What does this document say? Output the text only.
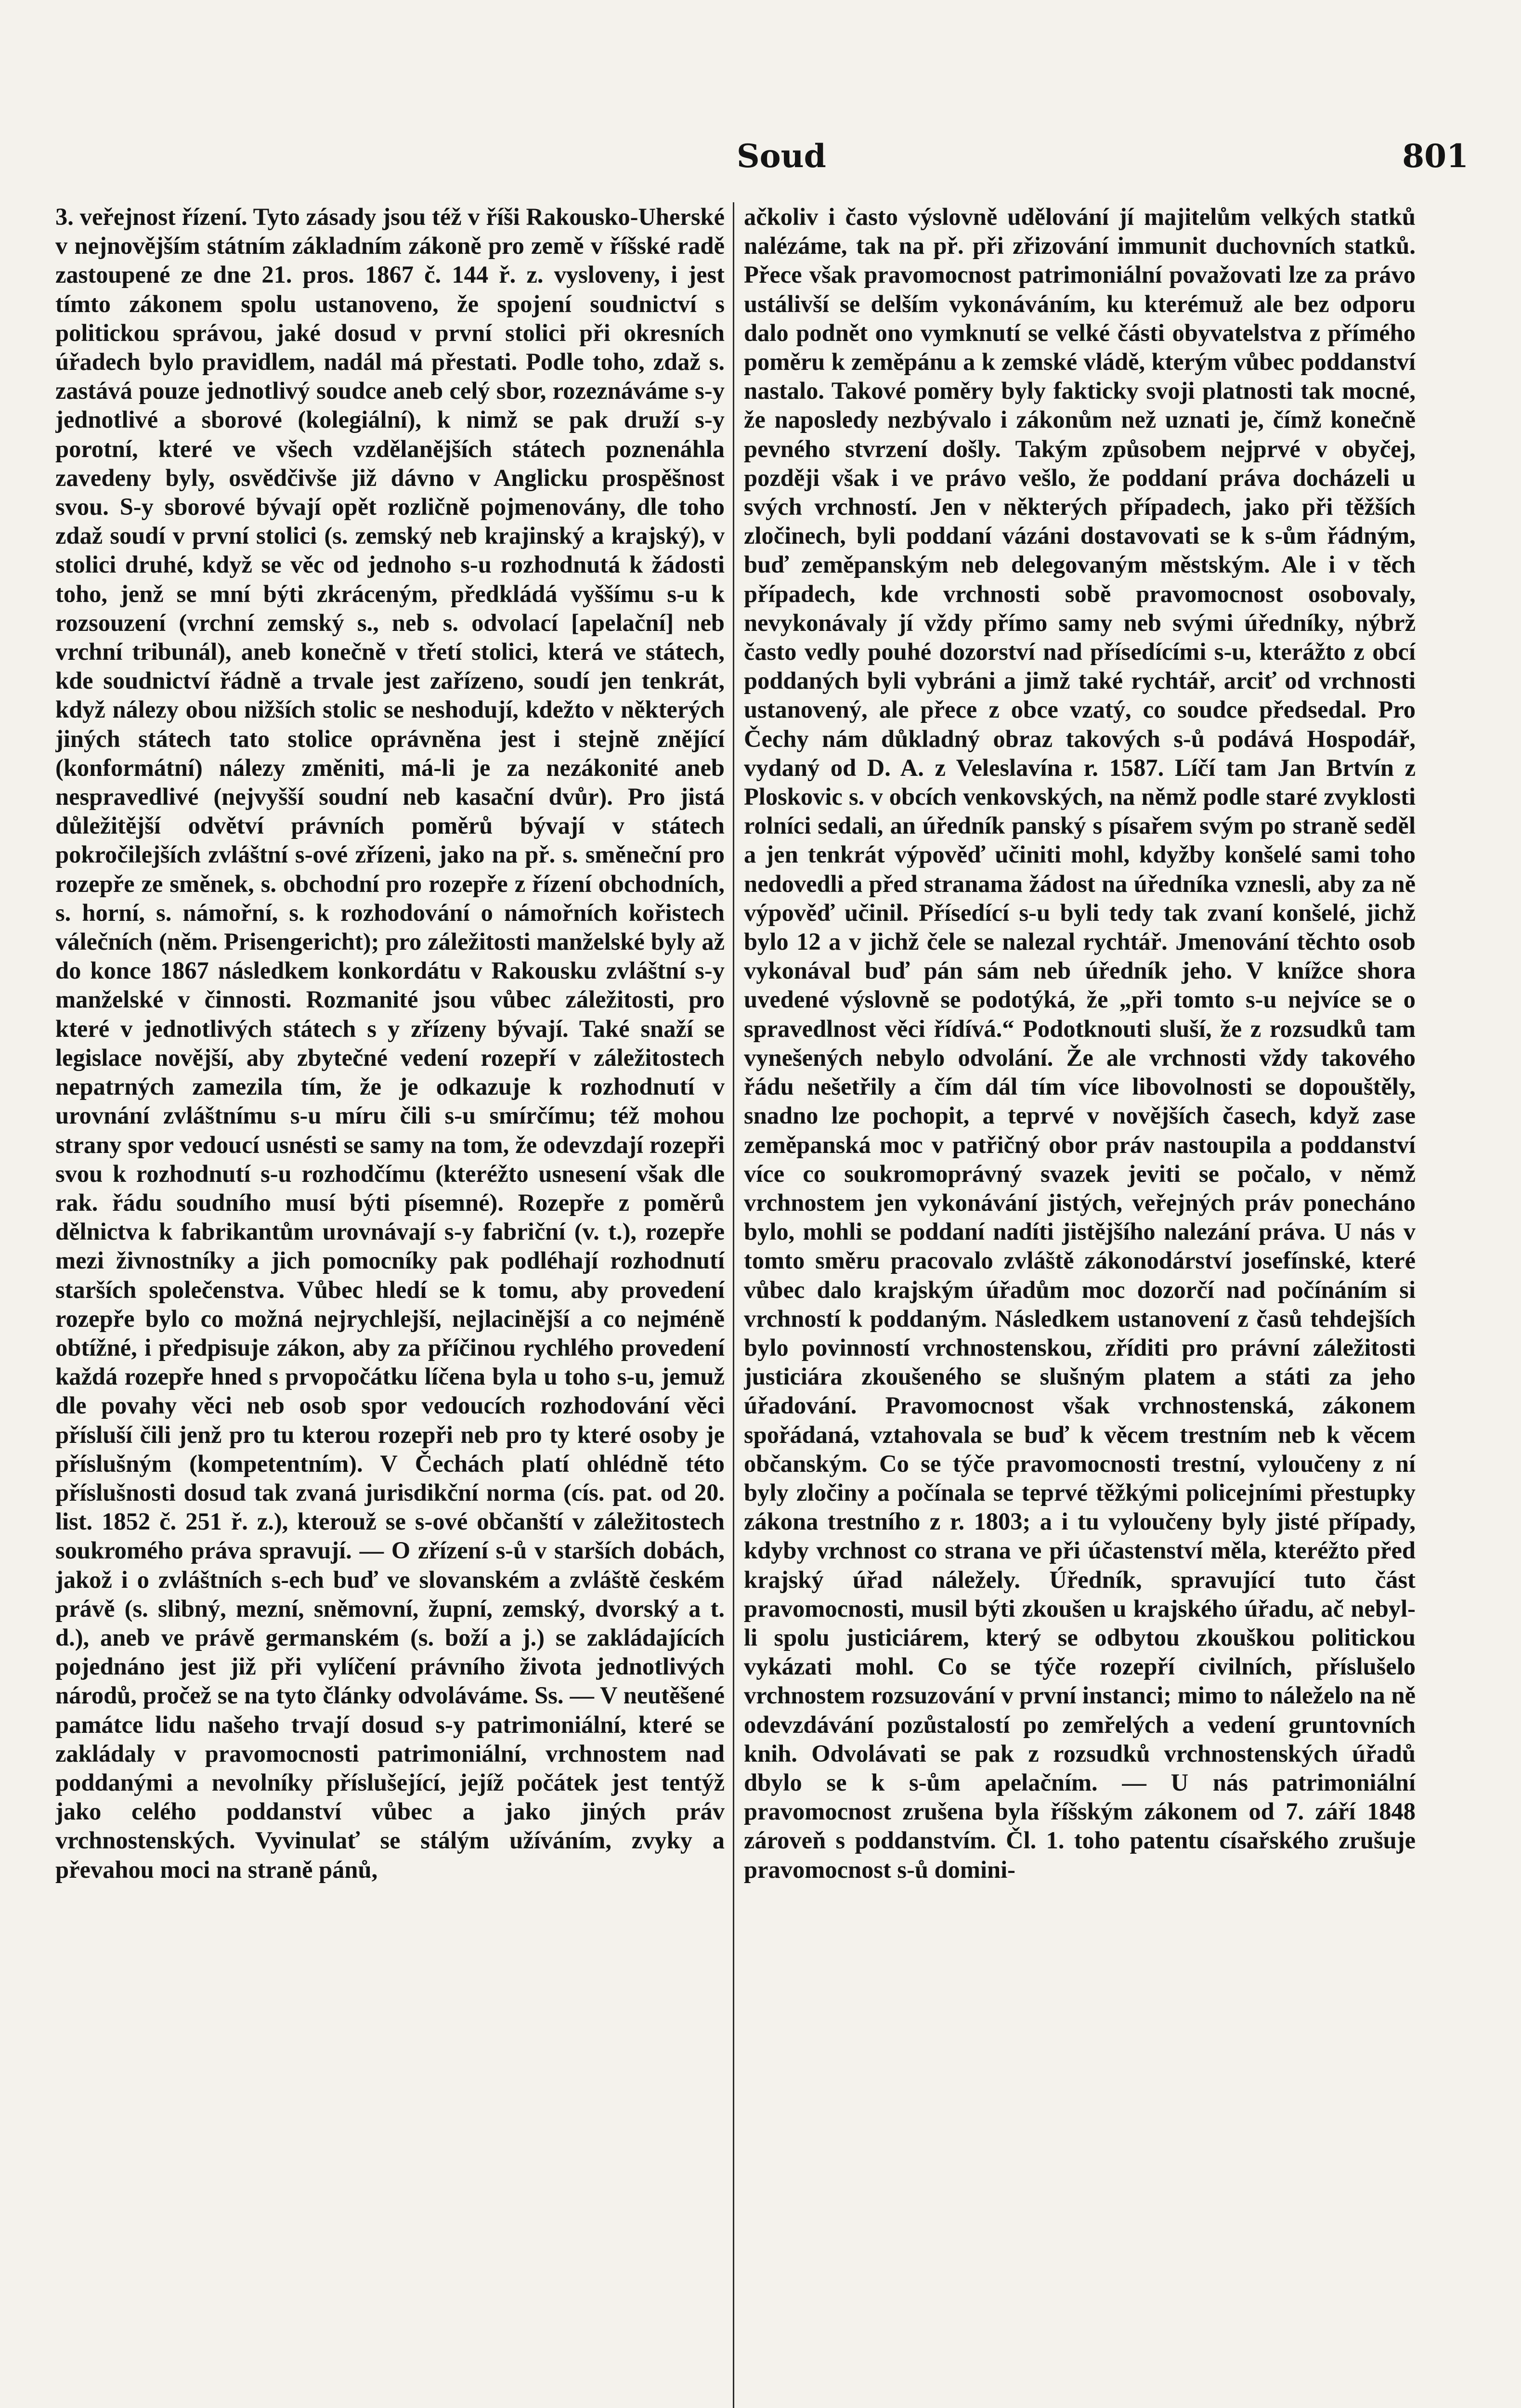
Soud	801

3. veřejnost řízení. Tyto zásady jsou též v říši Rakousko-Uherské v nejnovějším státním základním zákoně pro země v říšské radě zastoupené ze dne 21. pros. 1867 č. 144 ř. z. vysloveny, i jest tímto zákonem spolu ustanoveno, že spojení soudnictví s politickou správou, jaké dosud v první stolici při okresních úřadech bylo pravidlem, nadál má přestati. Podle toho, zdaž s. zastává pouze jednotlivý soudce aneb celý sbor, rozeznáváme s-y jednotlivé a sborové (kolegiální), k nimž se pak druží s-y porotní, které ve všech vzdělanějších státech poznenáhla zavedeny byly, osvědčivše již dávno v Anglicku prospěšnost svou. S-y sborové bývají opět rozličně pojmenovány, dle toho zdaž soudí v první stolici (s. zemský neb krajinský a krajský), v stolici druhé, když se věc od jednoho s-u rozhodnutá k žádosti toho, jenž se mní býti zkráceným, předkládá vyššímu s-u k rozsouzení (vrchní zemský s., neb s. odvolací [apelační] neb vrchní tribunál), aneb konečně v třetí stolici, která ve státech, kde soudnictví řádně a trvale jest zařízeno, soudí jen tenkrát, když nálezy obou nižších stolic se neshodují, kdežto v některých jiných státech tato stolice oprávněna jest i stejně znějící (konformátní) nálezy změniti, má-li je za nezákonité aneb nespravedlivé (nejvyšší soudní neb kasační dvůr). Pro jistá důležitější odvětví právních poměrů bývají v státech pokročilejších zvláštní s-ové zřízeni, jako na př. s. směneční pro rozepře ze směnek, s. obchodní pro rozepře z řízení obchodních, s. horní, s. námořní, s. k rozhodování o námořních kořistech válečních (něm. Prisengericht); pro záležitosti manželské byly až do konce 1867 následkem konkordátu v Rakousku zvláštní s-y manželské v činnosti. Rozmanité jsou vůbec záležitosti, pro které v jednotlivých státech s y zřízeny bývají. Také snaží se legislace novější, aby zbytečné vedení rozepří v záležitostech nepatrných zamezila tím, že je odkazuje k rozhodnutí v urovnání zvláštnímu s-u míru čili s-u smírčímu; též mohou strany spor vedoucí usnésti se samy na tom, že odevzdají rozepři svou k rozhodnutí s-u rozhodčímu (kteréžto usnesení však dle rak. řádu soudního musí býti písemné). Rozepře z poměrů dělnictva k fabrikantům urovnávají s-y fabriční (v. t.), rozepře mezi živnostníky a jich pomocníky pak podléhají rozhodnutí starších společenstva. Vůbec hledí se k tomu, aby provedení rozepře bylo co možná nejrychlejší, nejlacinější a co nejméně obtížné, i předpisuje zákon, aby za příčinou rychlého provedení každá rozepře hned s prvopočátku líčena byla u toho s-u, jemuž dle povahy věci neb osob spor vedoucích rozhodování věci přísluší čili jenž pro tu kterou rozepři neb pro ty které osoby je příslušným (kompetentním). V Čechách platí ohlédně této příslušnosti dosud tak zvaná jurisdikční norma (cís. pat. od 20. list. 1852 č. 251 ř. z.), kterouž se s-ové občanští v záležitostech soukromého práva spravují. — O zřízení s-ů v starších dobách, jakož i o zvláštních s-ech buď ve slovanském a zvláště českém právě (s. slibný, mezní, sněmovní, župní, zemský, dvorský a t. d.), aneb ve právě germanském (s. boží a j.) se zakládajících pojednáno jest již při vylíčení právního života jednotlivých národů, pročež se na tyto články odvoláváme. Ss. — V neutěšené památce lidu našeho trvají dosud s-y patrimoniální, které se zakládaly v pravomocnosti patrimoniální, vrchnostem nad poddanými a nevolníky příslušející, jejíž počátek jest tentýž jako celého poddanství vůbec a jako jiných práv vrchnostenských. Vyvinulať se stálým užíváním, zvyky a převahou moci na straně pánů,

ačkoliv i často výslovně udělování jí majitelům velkých statků nalézáme, tak na př. při zřizování immunit duchovních statků. Přece však pravomocnost patrimoniální považovati lze za právo ustálivší se delším vykonáváním, ku kterémuž ale bez odporu dalo podnět ono vymknutí se velké části obyvatelstva z přímého poměru k zeměpánu a k zemské vládě, kterým vůbec poddanství nastalo. Takové poměry byly fakticky svoji platnosti tak mocné, že naposledy nezbývalo i zákonům než uznati je, čímž konečně pevného stvrzení došly. Takým způsobem nejprvé v obyčej, později však i ve právo vešlo, že poddaní práva docházeli u svých vrchností. Jen v některých případech, jako při těžších zločinech, byli poddaní vázáni dostavovati se k s-ům řádným, buď zeměpanským neb delegovaným městským. Ale i v těch případech, kde vrchnosti sobě pravomocnost osobovaly, nevykonávaly jí vždy přímo samy neb svými úředníky, nýbrž často vedly pouhé dozorství nad přísedícími s-u, kterážto z obcí poddaných byli vybráni a jimž také rychtář, arciť od vrchnosti ustanovený, ale přece z obce vzatý, co soudce předsedal. Pro Čechy nám důkladný obraz takových s-ů podává Hospodář, vydaný od D. A. z Veleslavína r. 1587. Líčí tam Jan Brtvín z Ploskovic s. v obcích venkovských, na němž podle staré zvyklosti rolníci sedali, an úředník panský s písařem svým po straně seděl a jen tenkrát výpověď učiniti mohl, kdyžby konšelé sami toho nedovedli a před stranama žádost na úředníka vznesli, aby za ně výpověď učinil. Přísedící s-u byli tedy tak zvaní konšelé, jichž bylo 12 a v jichž čele se nalezal rychtář. Jmenování těchto osob vykonával buď pán sám neb úředník jeho. V knížce shora uvedené výslovně se podotýká, že „při tomto s-u nejvíce se o spravedlnost věci řídívá.“ Podotknouti sluší, že z rozsudků tam vynešených nebylo odvolání. Že ale vrchnosti vždy takového řádu nešetřily a čím dál tím více libovolnosti se dopouštěly, snadno lze pochopit, a teprvé v novějších časech, když zase zeměpanská moc v patřičný obor práv nastoupila a poddanství více co soukromoprávný svazek jeviti se počalo, v němž vrchnostem jen vykonávání jistých, veřejných práv ponecháno bylo, mohli se poddaní nadíti jistějšího nalezání práva. U nás v tomto směru pracovalo zvláště zákonodárství josefínské, které vůbec dalo krajským úřadům moc dozorčí nad počínáním si vrchností k poddaným. Následkem ustanovení z časů tehdejších bylo povinností vrchnostenskou, zříditi pro právní záležitosti justiciára zkoušeného se slušným platem a státi za jeho úřadování. Pravomocnost však vrchnostenská, zákonem spořádaná, vztahovala se buď k věcem trestním neb k věcem občanským. Co se týče pravomocnosti trestní, vyloučeny z ní byly zločiny a počínala se teprvé těžkými policejními přestupky zákona trestního z r. 1803; a i tu vyloučeny byly jisté případy, kdyby vrchnost co strana ve při účastenství měla, kteréžto před krajský úřad náležely. Úředník, spravující tuto část pravomocnosti, musil býti zkoušen u krajského úřadu, ač nebyl-li spolu justiciárem, který se odbytou zkouškou politickou vykázati mohl. Co se týče rozepří civilních, příslušelo vrchnostem rozsuzování v první instanci; mimo to náleželo na ně odevzdávání pozůstalostí po zemřelých a vedení gruntovních knih. Odvolávati se pak z rozsudků vrchnostenských úřadů dbylo se k s-ům apelačním. — U nás patrimoniální pravomocnost zrušena byla říšským zákonem od 7. září 1848 zároveň s poddanstvím. Čl. 1. toho patentu císařského zrušuje pravomocnost s-ů domini-
